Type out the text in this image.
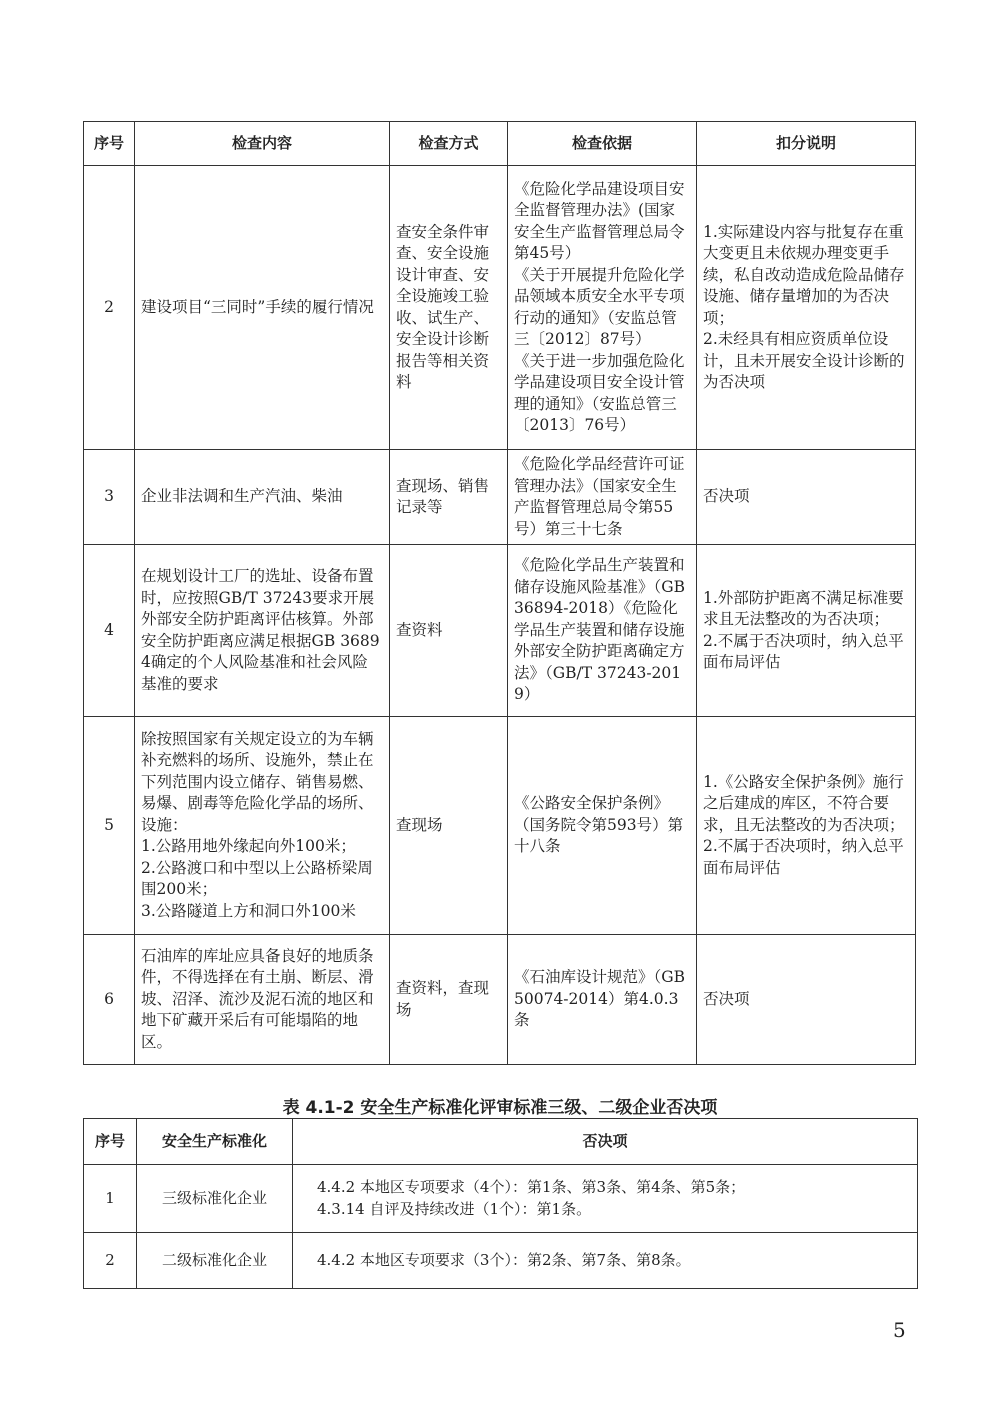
序号	检查内容	检查方式	检查依据	扣分说明
2	建设项目“三同时”手续的履行情况	查安全条件审查、安全设施设计审查、安全设施竣工验收、试生产、安全设计诊断报告等相关资料	《危险化学品建设项目安全监督管理办法》(国家安全生产监督管理总局令第45号）
《关于开展提升危险化学品领域本质安全水平专项行动的通知》（安监总管三〔2012〕87号）
《关于进一步加强危险化学品建设项目安全设计管理的通知》（安监总管三〔2013〕76号）	1.实际建设内容与批复存在重大变更且未依规办理变更手续，私自改动造成危险品储存设施、储存量增加的为否决项；
2.未经具有相应资质单位设计，且未开展安全设计诊断的为否决项
3	企业非法调和生产汽油、柴油	查现场、销售记录等	《危险化学品经营许可证管理办法》（国家安全生产监督管理总局令第55号）第三十七条	否决项
4	在规划设计工厂的选址、设备布置时，应按照GB/T 37243要求开展外部安全防护距离评估核算。外部安全防护距离应满足根据GB 36894确定的个人风险基准和社会风险基准的要求	查资料	《危险化学品生产装置和储存设施风险基准》（GB 36894-2018）《危险化学品生产装置和储存设施外部安全防护距离确定方法》（GB/T 37243-2019）	1.外部防护距离不满足标准要求且无法整改的为否决项；
2.不属于否决项时，纳入总平面布局评估
5	除按照国家有关规定设立的为车辆补充燃料的场所、设施外，禁止在下列范围内设立储存、销售易燃、易爆、剧毒等危险化学品的场所、设施：
1.公路用地外缘起向外100米；
2.公路渡口和中型以上公路桥梁周围200米；
3.公路隧道上方和洞口外100米	查现场	《公路安全保护条例》（国务院令第593号）第十八条	1.《公路安全保护条例》施行之后建成的库区，不符合要求，且无法整改的为否决项；
2.不属于否决项时，纳入总平面布局评估
6	石油库的库址应具备良好的地质条件，不得选择在有土崩、断层、滑坡、沼泽、流沙及泥石流的地区和地下矿藏开采后有可能塌陷的地区。	查资料，查现场	《石油库设计规范》（GB 50074-2014）第4.0.3条	否决项
表 4.1-2 安全生产标准化评审标准三级、二级企业否决项
序号	安全生产标准化	否决项
1	三级标准化企业	4.4.2 本地区专项要求（4个）：第1条、第3条、第4条、第5条；
4.3.14 自评及持续改进（1个）：第1条。
2	二级标准化企业	4.4.2 本地区专项要求（3个）：第2条、第7条、第8条。
5
